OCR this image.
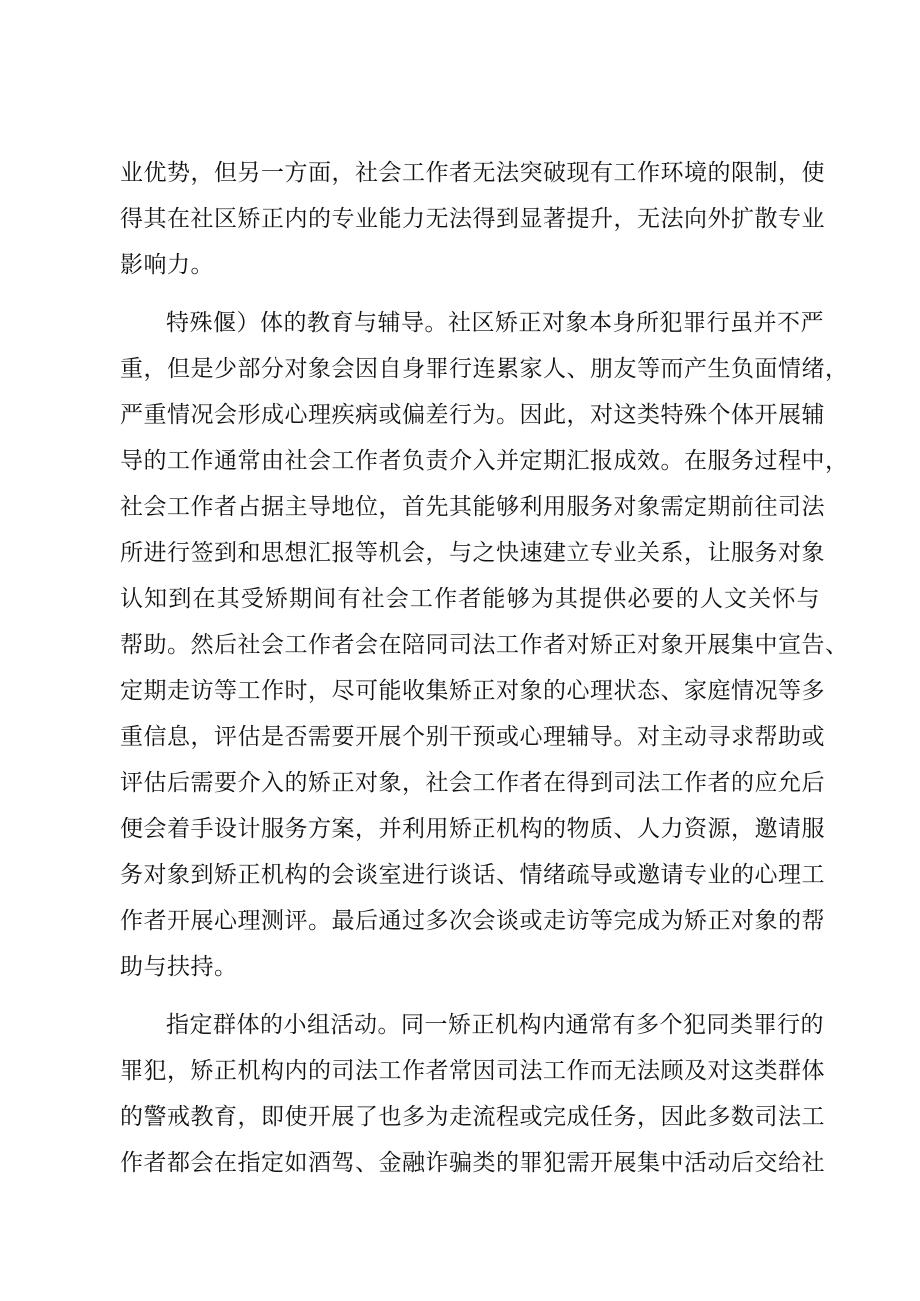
业优势，但另一方面，社会工作者无法突破现有工作环境的限制，使
得其在社区矫正内的专业能力无法得到显著提升，无法向外扩散专业
影响力。
特殊偃）体的教育与辅导。社区矫正对象本身所犯罪行虽并不严
重，但是少部分对象会因自身罪行连累家人、朋友等而产生负面情绪，
严重情况会形成心理疾病或偏差行为。因此，对这类特殊个体开展辅
导的工作通常由社会工作者负责介入并定期汇报成效。在服务过程中，
社会工作者占据主导地位，首先其能够利用服务对象需定期前往司法
所进行签到和思想汇报等机会，与之快速建立专业关系，让服务对象
认知到在其受矫期间有社会工作者能够为其提供必要的人文关怀与
帮助。然后社会工作者会在陪同司法工作者对矫正对象开展集中宣告、
定期走访等工作时，尽可能收集矫正对象的心理状态、家庭情况等多
重信息，评估是否需要开展个别干预或心理辅导。对主动寻求帮助或
评估后需要介入的矫正对象，社会工作者在得到司法工作者的应允后
便会着手设计服务方案，并利用矫正机构的物质、人力资源，邀请服
务对象到矫正机构的会谈室进行谈话、情绪疏导或邀请专业的心理工
作者开展心理测评。最后通过多次会谈或走访等完成为矫正对象的帮
助与扶持。
指定群体的小组活动。同一矫正机构内通常有多个犯同类罪行的
罪犯，矫正机构内的司法工作者常因司法工作而无法顾及对这类群体
的警戒教育，即使开展了也多为走流程或完成任务，因此多数司法工
作者都会在指定如酒驾、金融诈骗类的罪犯需开展集中活动后交给社
